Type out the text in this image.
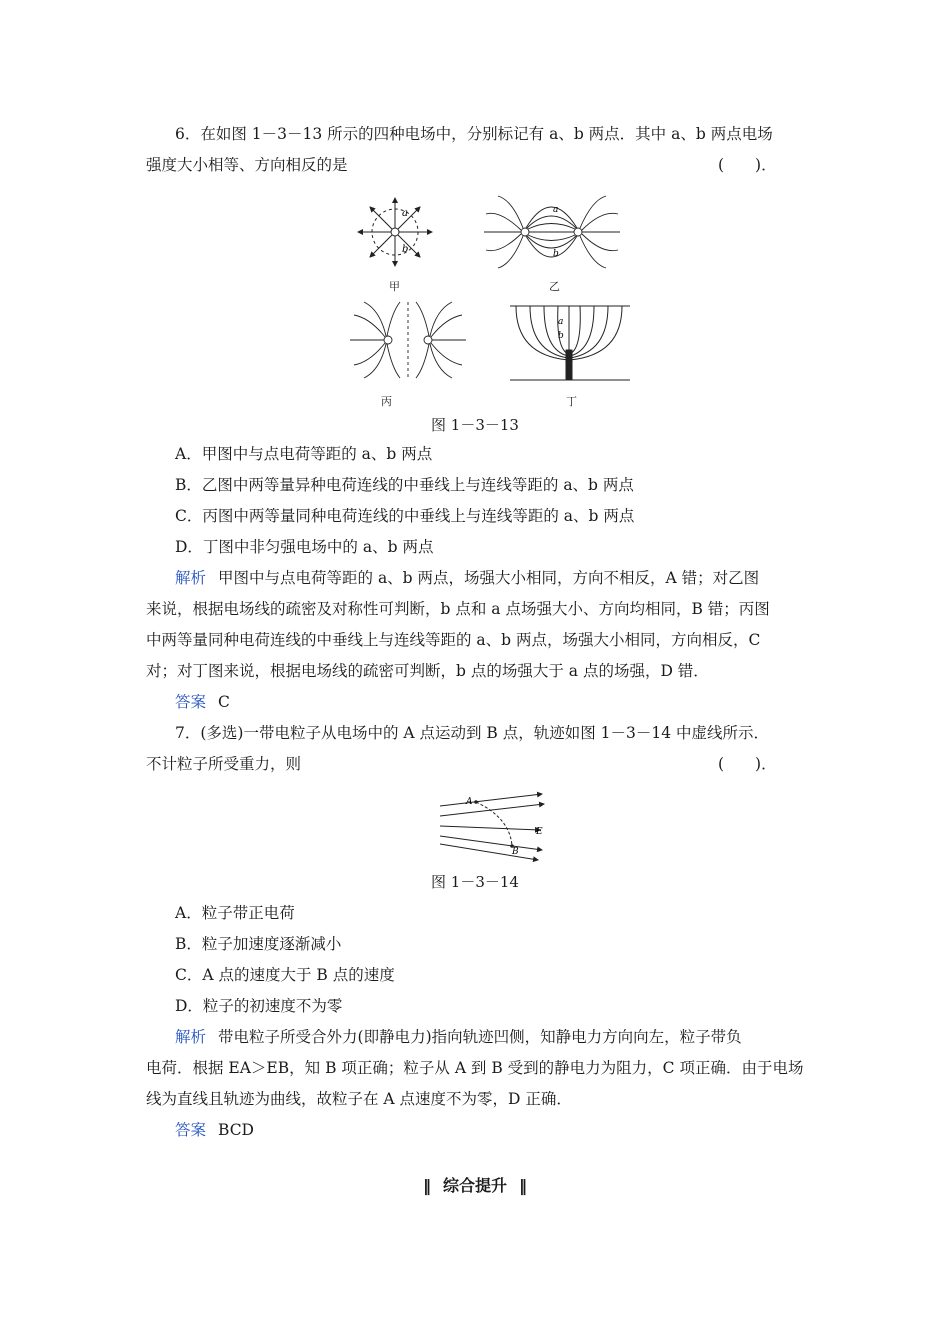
6．在如图 1－3－13 所示的四种电场中，分别标记有 a、b 两点．其中 a、b 两点电场
强度大小相等、方向相反的是	(　　)．
a
b
a
b
a
b
甲	乙
丙	丁
图 1－3－13
A．甲图中与点电荷等距的 a、b 两点
B．乙图中两等量异种电荷连线的中垂线上与连线等距的 a、b 两点
C．丙图中两等量同种电荷连线的中垂线上与连线等距的 a、b 两点
D．丁图中非匀强电场中的 a、b 两点
解析 甲图中与点电荷等距的 a、b 两点，场强大小相同，方向不相反，A 错；对乙图
来说，根据电场线的疏密及对称性可判断，b 点和 a 点场强大小、方向均相同，B 错；丙图
中两等量同种电荷连线的中垂线上与连线等距的 a、b 两点，场强大小相同，方向相反，C
对；对丁图来说，根据电场线的疏密可判断，b 点的场强大于 a 点的场强，D 错．
答案 C
7．(多选)一带电粒子从电场中的 A 点运动到 B 点，轨迹如图 1－3－14 中虚线所示．
不计粒子所受重力，则	(　　)．
A
B
E
图 1－3－14
A．粒子带正电荷
B．粒子加速度逐渐减小
C．A 点的速度大于 B 点的速度
D．粒子的初速度不为零
解析 带电粒子所受合外力(即静电力)指向轨迹凹侧，知静电力方向向左，粒子带负
电荷．根据 EA＞EB，知 B 项正确；粒子从 A 到 B 受到的静电力为阻力，C 项正确．由于电场
线为直线且轨迹为曲线，故粒子在 A 点速度不为零，D 正确．
答案 BCD
‖ 综合提升 ‖
